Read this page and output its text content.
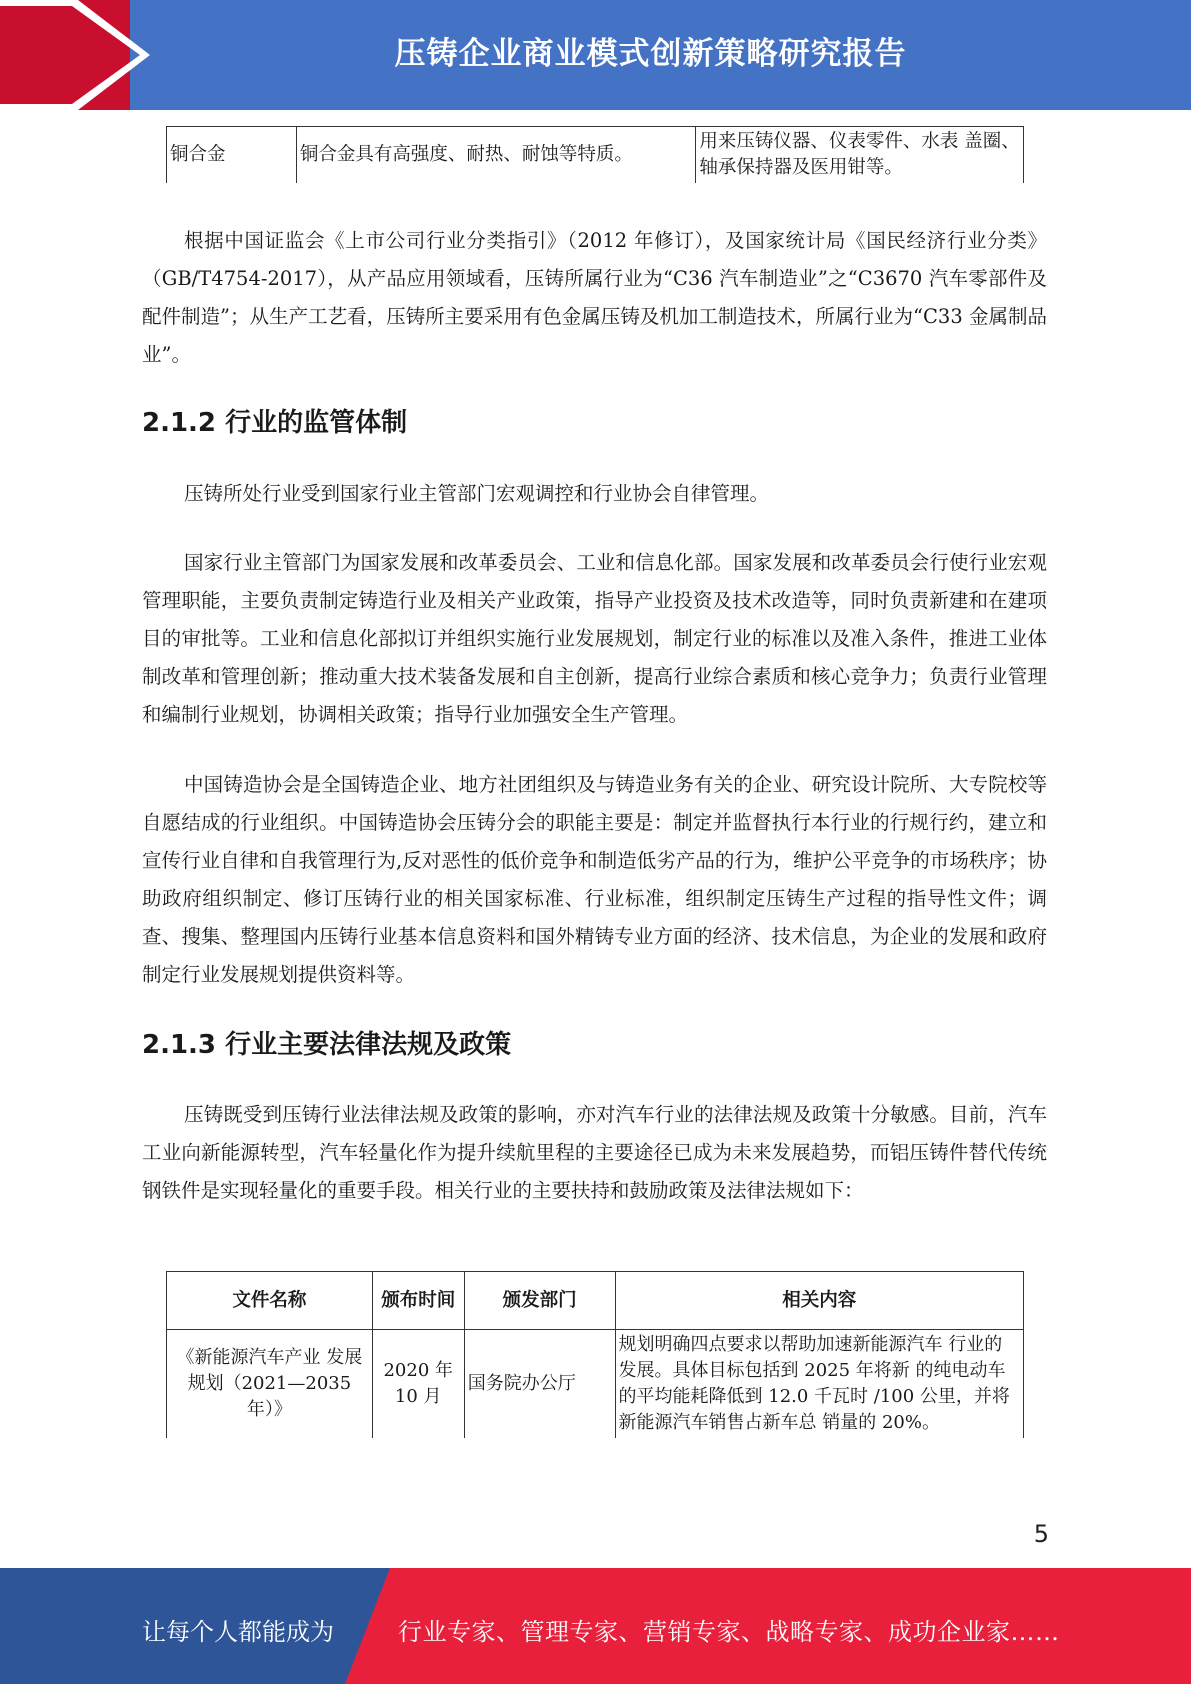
压铸企业商业模式创新策略研究报告
铜合金	铜合金具有高强度、耐热、耐蚀等特质。	用来压铸仪器、仪表零件、水表 盖圈、轴承保持器及医用钳等。
根据中国证监会《上市公司行业分类指引》（2012 年修订），及国家统计局《国民经济行业分类》（GB/T4754-2017），从产品应用领域看，压铸所属行业为“C36 汽车制造业”之“C3670 汽车零部件及配件制造”；从生产工艺看，压铸所主要采用有色金属压铸及机加工制造技术，所属行业为“C33 金属制品业”。
2.1.2 行业的监管体制
压铸所处行业受到国家行业主管部门宏观调控和行业协会自律管理。
国家行业主管部门为国家发展和改革委员会、工业和信息化部。国家发展和改革委员会行使行业宏观管理职能，主要负责制定铸造行业及相关产业政策，指导产业投资及技术改造等，同时负责新建和在建项目的审批等。工业和信息化部拟订并组织实施行业发展规划，制定行业的标准以及准入条件，推进工业体制改革和管理创新；推动重大技术装备发展和自主创新，提高行业综合素质和核心竞争力；负责行业管理和编制行业规划，协调相关政策；指导行业加强安全生产管理。
中国铸造协会是全国铸造企业、地方社团组织及与铸造业务有关的企业、研究设计院所、大专院校等自愿结成的行业组织。中国铸造协会压铸分会的职能主要是：制定并监督执行本行业的行规行约，建立和宣传行业自律和自我管理行为,反对恶性的低价竞争和制造低劣产品的行为，维护公平竞争的市场秩序；协助政府组织制定、修订压铸行业的相关国家标准、行业标准，组织制定压铸生产过程的指导性文件；调查、搜集、整理国内压铸行业基本信息资料和国外精铸专业方面的经济、技术信息，为企业的发展和政府制定行业发展规划提供资料等。
2.1.3 行业主要法律法规及政策
压铸既受到压铸行业法律法规及政策的影响，亦对汽车行业的法律法规及政策十分敏感。目前，汽车工业向新能源转型，汽车轻量化作为提升续航里程的主要途径已成为未来发展趋势，而铝压铸件替代传统钢铁件是实现轻量化的重要手段。相关行业的主要扶持和鼓励政策及法律法规如下：
文件名称	颁布时间	颁发部门	相关内容
《新能源汽车产业 发展规划（2021—2035 年）》	2020 年 10 月	国务院办公厅	规划明确四点要求以帮助加速新能源汽车 行业的发展。具体目标包括到 2025 年将新 的纯电动车的平均能耗降低到 12.0 千瓦时 /100 公里，并将新能源汽车销售占新车总 销量的 20%。
5
让每个人都能成为	行业专家、管理专家、营销专家、战略专家、成功企业家……
